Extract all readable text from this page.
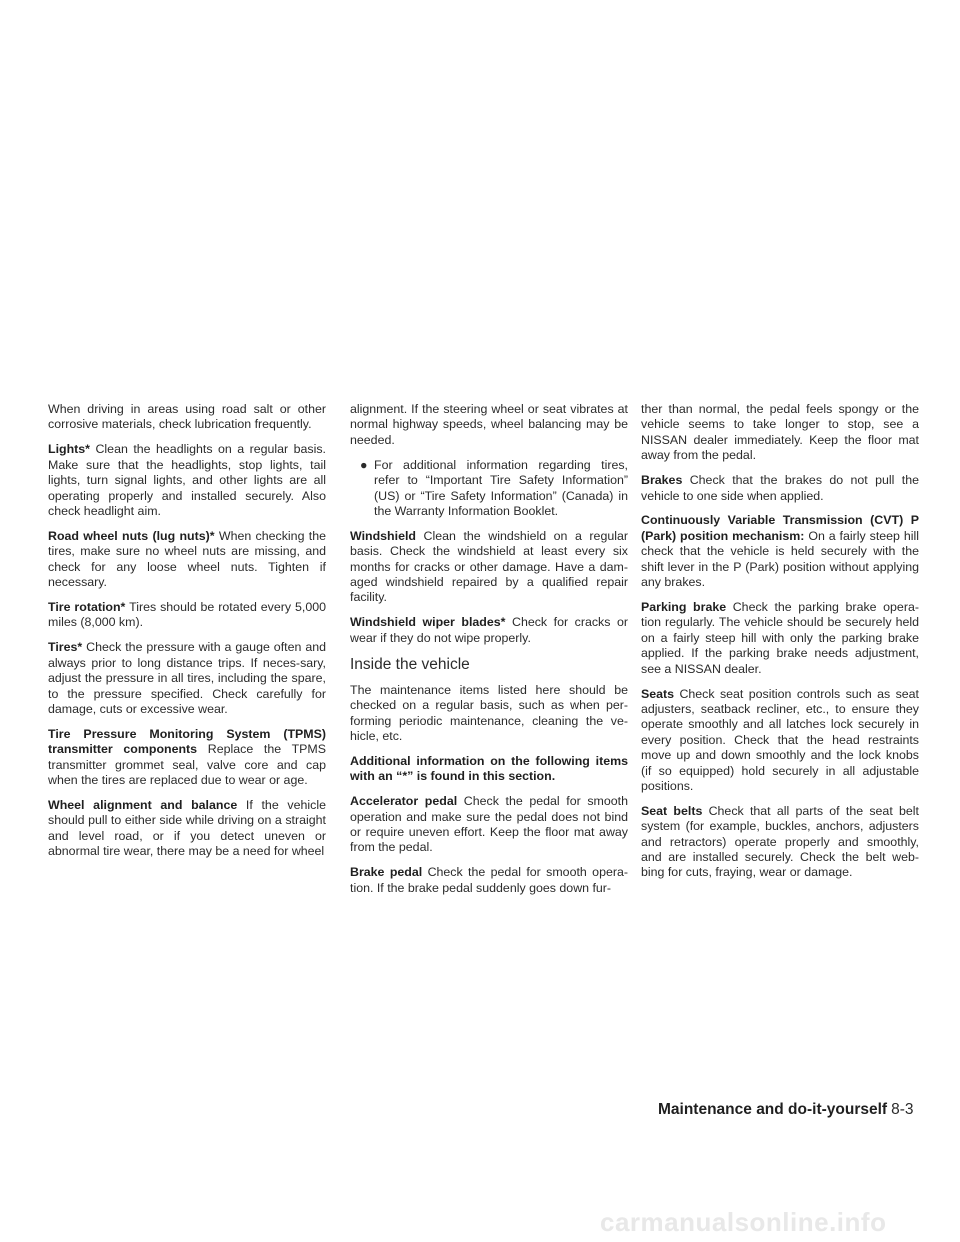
When driving in areas using road salt or other corrosive materials, check lubrication frequently.

Lights* Clean the headlights on a regular basis. Make sure that the headlights, stop lights, tail lights, turn signal lights, and other lights are all operating properly and installed securely. Also check headlight aim.

Road wheel nuts (lug nuts)* When checking the tires, make sure no wheel nuts are missing, and check for any loose wheel nuts. Tighten if necessary.

Tire rotation* Tires should be rotated every 5,000 miles (8,000 km).

Tires* Check the pressure with a gauge often and always prior to long distance trips. If neces-sary, adjust the pressure in all tires, including the spare, to the pressure specified. Check carefully for damage, cuts or excessive wear.

Tire Pressure Monitoring System (TPMS) transmitter components Replace the TPMS transmitter grommet seal, valve core and cap when the tires are replaced due to wear or age.

Wheel alignment and balance If the vehicle should pull to either side while driving on a straight and level road, or if you detect uneven or abnormal tire wear, there may be a need for wheel

alignment. If the steering wheel or seat vibrates at normal highway speeds, wheel balancing may be needed.

● For additional information regarding tires, refer to “Important Tire Safety Information” (US) or “Tire Safety Information” (Canada) in the Warranty Information Booklet.

Windshield Clean the windshield on a regular basis. Check the windshield at least every six months for cracks or other damage. Have a dam-aged windshield repaired by a qualified repair facility.

Windshield wiper blades* Check for cracks or wear if they do not wipe properly.

Inside the vehicle

The maintenance items listed here should be checked on a regular basis, such as when per-forming periodic maintenance, cleaning the ve-hicle, etc.

Additional information on the following items with an “*” is found in this section.

Accelerator pedal Check the pedal for smooth operation and make sure the pedal does not bind or require uneven effort. Keep the floor mat away from the pedal.

Brake pedal Check the pedal for smooth opera-tion. If the brake pedal suddenly goes down fur-

ther than normal, the pedal feels spongy or the vehicle seems to take longer to stop, see a NISSAN dealer immediately. Keep the floor mat away from the pedal.

Brakes Check that the brakes do not pull the vehicle to one side when applied.

Continuously Variable Transmission (CVT) P (Park) position mechanism: On a fairly steep hill check that the vehicle is held securely with the shift lever in the P (Park) position without applying any brakes.

Parking brake Check the parking brake opera-tion regularly. The vehicle should be securely held on a fairly steep hill with only the parking brake applied. If the parking brake needs adjustment, see a NISSAN dealer.

Seats Check seat position controls such as seat adjusters, seatback recliner, etc., to ensure they operate smoothly and all latches lock securely in every position. Check that the head restraints move up and down smoothly and the lock knobs (if so equipped) hold securely in all adjustable positions.

Seat belts Check that all parts of the seat belt system (for example, buckles, anchors, adjusters and retractors) operate properly and smoothly, and are installed securely. Check the belt web-bing for cuts, fraying, wear or damage.

Maintenance and do-it-yourself 8-3
carmanualsonline.info
